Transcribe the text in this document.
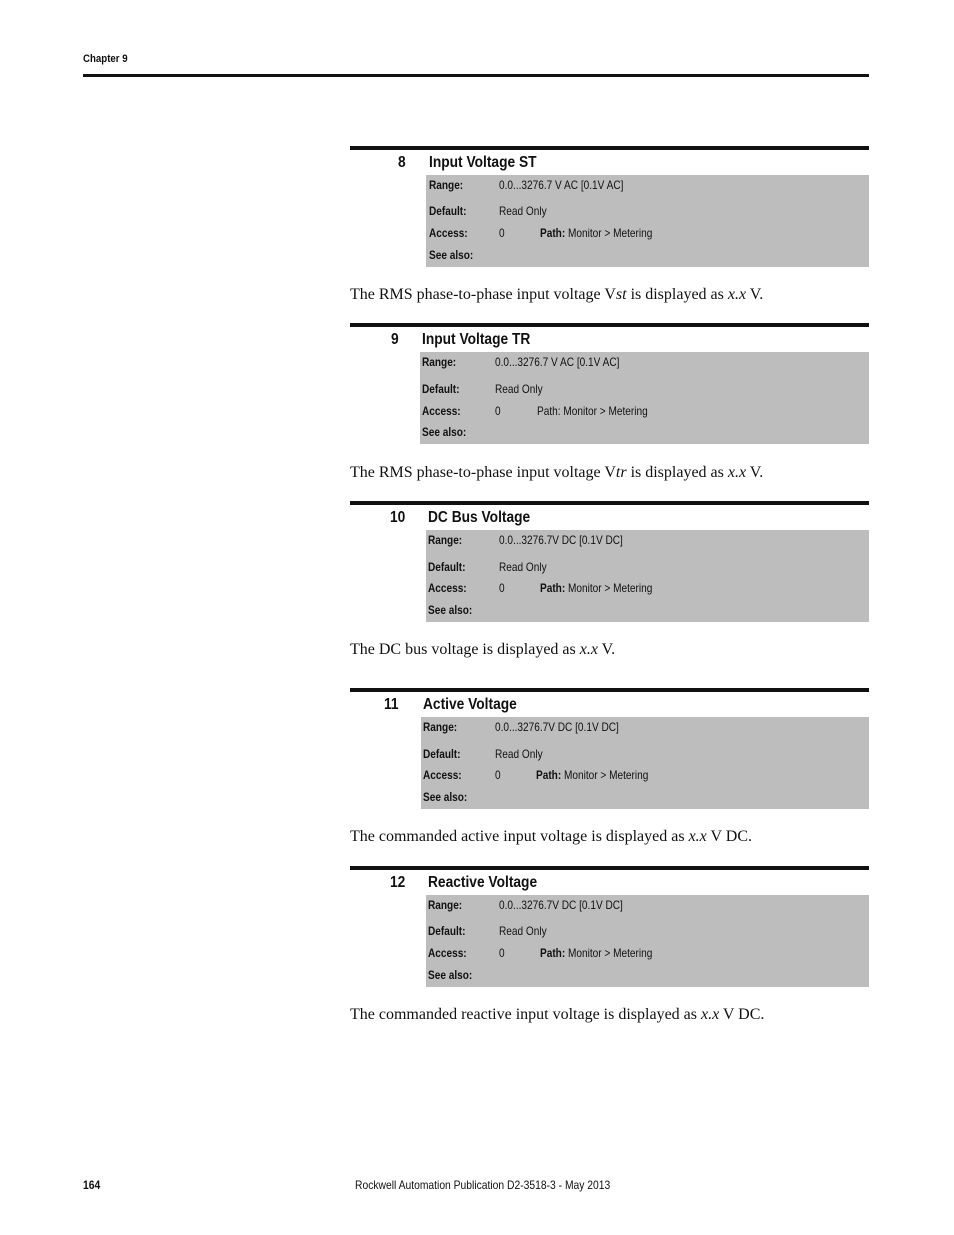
Chapter 9
8 Input Voltage ST
Range:	0.0...3276.7 V AC [0.1V AC]
Default:	Read Only
Access:	0	Path: Monitor > Metering
See also:
The RMS phase-to-phase input voltage Vst is displayed as x.x V.
9 Input Voltage TR
Range:	0.0...3276.7 V AC [0.1V AC]
Default:	Read Only
Access:	0	Path: Monitor > Metering
See also:
The RMS phase-to-phase input voltage Vtr is displayed as x.x V.
10 DC Bus Voltage
Range:	0.0...3276.7V DC [0.1V DC]
Default:	Read Only
Access:	0	Path: Monitor > Metering
See also:
The DC bus voltage is displayed as x.x V.
11 Active Voltage
Range:	0.0...3276.7V DC [0.1V DC]
Default:	Read Only
Access:	0	Path: Monitor > Metering
See also:
The commanded active input voltage is displayed as x.x V DC.
12 Reactive Voltage
Range:	0.0...3276.7V DC [0.1V DC]
Default:	Read Only
Access:	0	Path: Monitor > Metering
See also:
The commanded reactive input voltage is displayed as x.x V DC.
164	Rockwell Automation Publication D2-3518-3 - May 2013
